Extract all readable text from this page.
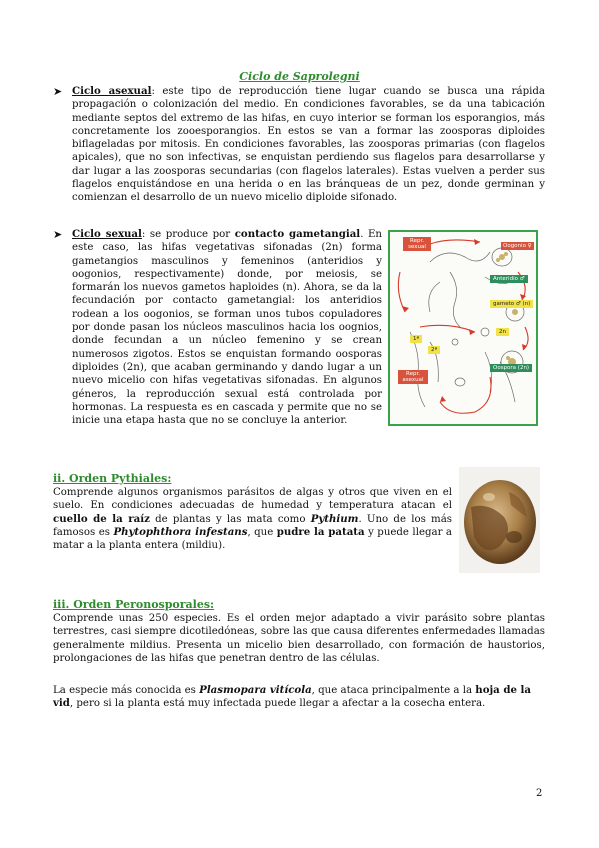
Ciclo de Saprolegni
➤ Ciclo asexual: este tipo de reproducción tiene lugar cuando se busca una rápida propagación o colonización del medio. En condiciones favorables, se da una tabicación mediante septos del extremo de las hifas, en cuyo interior se forman los esporangios, más concretamente los zooesporangios. En estos se van a formar las zoosporas diploides biflageladas por mitosis. En condiciones favorables, las zoosporas primarias (con flagelos apicales), que no son infectivas, se enquistan perdiendo sus flagelos para desarrollarse y dar lugar a las zoosporas secundarias (con flagelos laterales). Estas vuelven a perder sus flagelos enquistándose en una herida o en las bránqueas de un pez, donde germinan y comienzan el desarrollo de un nuevo micelio diploide sifonado.

➤ Ciclo sexual: se produce por contacto gametangial. En este caso, las hifas vegetativas sifonadas (2n) forma gametangios masculinos y femeninos (anteridios y oogonios, respectivamente) donde, por meiosis, se formarán los nuevos gametos haploides (n). Ahora, se da la fecundación por contacto gametangial: los anteridios rodean a los oogonios, se forman unos tubos copuladores por donde pasan los núcleos masculinos hacia los oognios, donde fecundan a un núcleo femenino y se crean numerosos zigotos. Estos se enquistan formando oosporas diploides (2n), que acaban germinando y dando lugar a un nuevo micelio con hifas vegetativas sifonadas. En algunos géneros, la reproducción sexual está controlada por hormonas. La respuesta es en cascada y permite que no se inicie una etapa hasta que no se concluye la anterior.

Repr. sexual	Oogonio ♀
Anteridio ♂
gameto ♂ (n)
2n
Oospora (2n)
1ª
2ª
Repr. asexual
ii. Orden Pythiales:

Comprende algunos organismos parásitos de algas y otros que viven en el suelo. En condiciones adecuadas de humedad y temperatura atacan el cuello de la raíz de plantas y las mata como Pythium. Uno de los más famosos es Phytophthora infestans, que pudre la patata y puede llegar a matar a la planta entera (mildiu).

iii. Orden Peronosporales:

Comprende unas 250 especies. Es el orden mejor adaptado a vivir parásito sobre plantas terrestres, casi siempre dicotiledóneas, sobre las que causa diferentes enfermedades llamadas generalmente mildius. Presenta un micelio bien desarrollado, con formación de haustorios, prolongaciones de las hifas que penetran dentro de las células.

La especie más conocida es Plasmopara vitícola, que ataca principalmente a la hoja de la vid, pero si la planta está muy infectada puede llegar a afectar a la cosecha entera.

2
